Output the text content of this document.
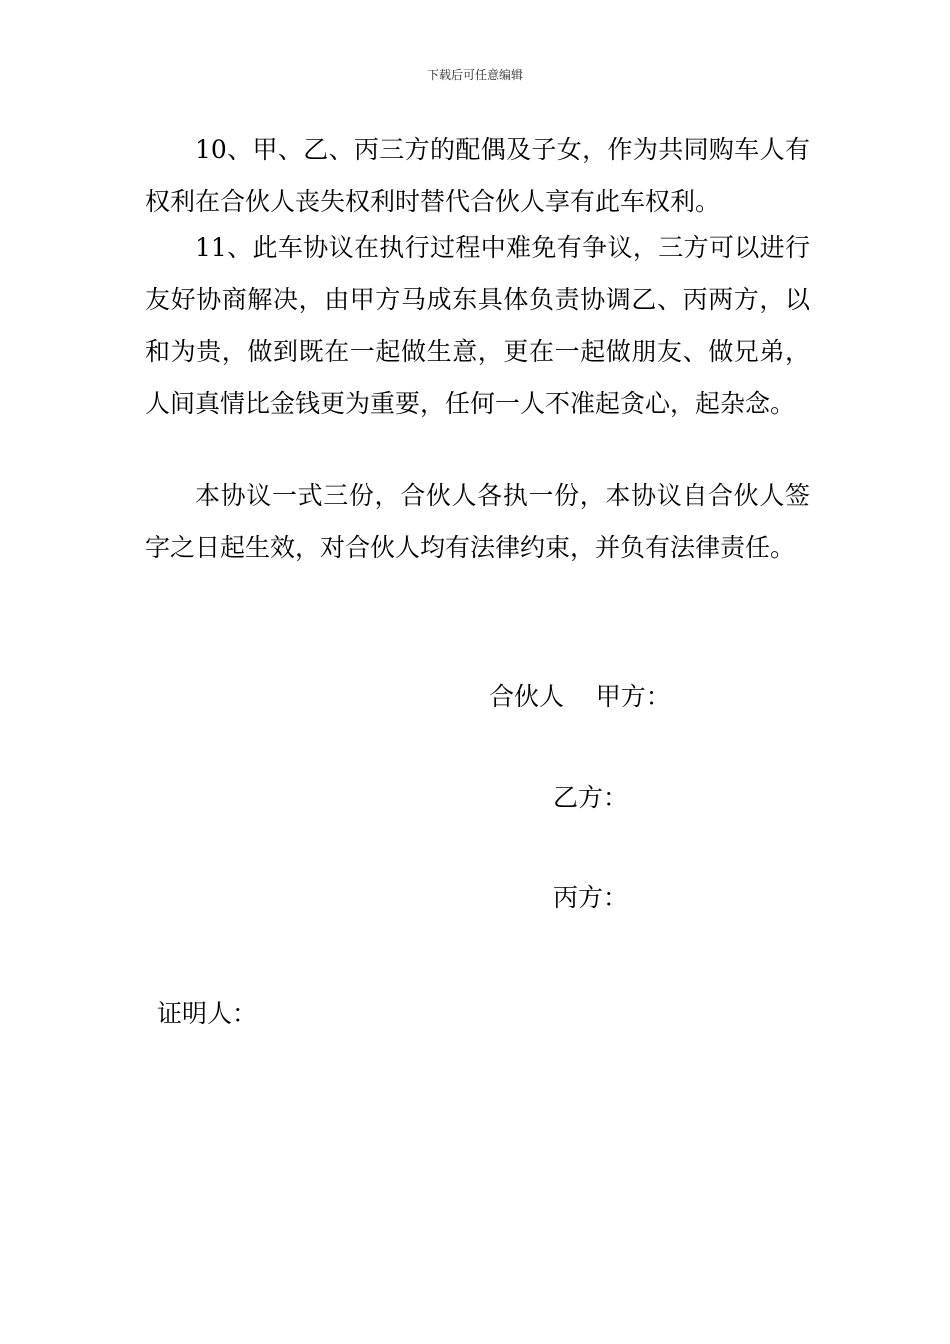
下载后可任意编辑

10、甲、乙、丙三方的配偶及子女，作为共同购车人有权利在合伙人丧失权利时替代合伙人享有此车权利。

11、此车协议在执行过程中难免有争议，三方可以进行友好协商解决，由甲方马成东具体负责协调乙、丙两方，以和为贵，做到既在一起做生意，更在一起做朋友、做兄弟，人间真情比金钱更为重要，任何一人不准起贪心，起杂念。

本协议一式三份，合伙人各执一份，本协议自合伙人签字之日起生效，对合伙人均有法律约束，并负有法律责任。

合伙人    甲方：
乙方：
丙方：
证明人：
